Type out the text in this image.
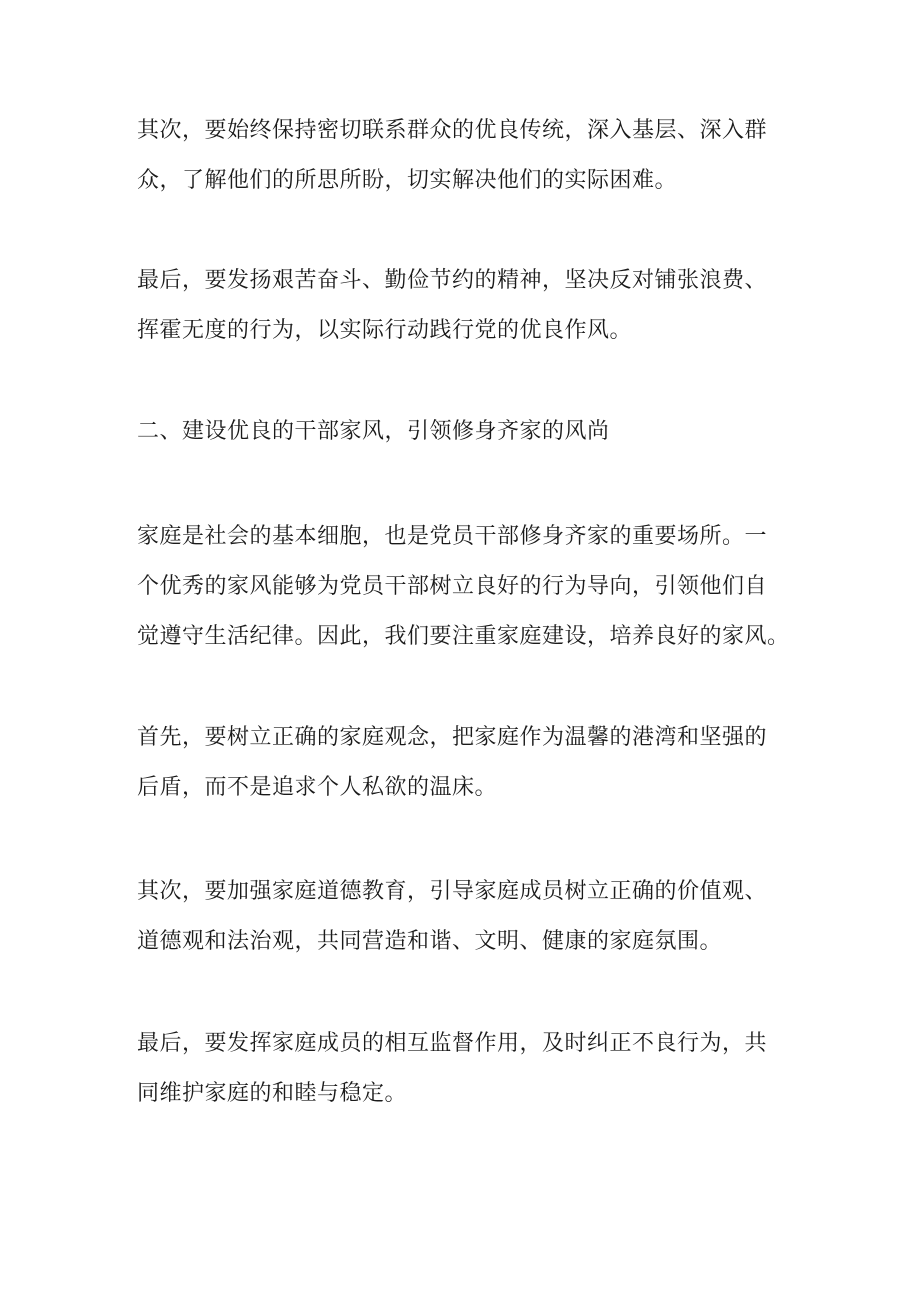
其次，要始终保持密切联系群众的优良传统，深入基层、深入群
众，了解他们的所思所盼，切实解决他们的实际困难。

最后，要发扬艰苦奋斗、勤俭节约的精神，坚决反对铺张浪费、
挥霍无度的行为，以实际行动践行党的优良作风。

二、建设优良的干部家风，引领修身齐家的风尚

家庭是社会的基本细胞，也是党员干部修身齐家的重要场所。一
个优秀的家风能够为党员干部树立良好的行为导向，引领他们自
觉遵守生活纪律。因此，我们要注重家庭建设，培养良好的家风。

首先，要树立正确的家庭观念，把家庭作为温馨的港湾和坚强的
后盾，而不是追求个人私欲的温床。

其次，要加强家庭道德教育，引导家庭成员树立正确的价值观、
道德观和法治观，共同营造和谐、文明、健康的家庭氛围。

最后，要发挥家庭成员的相互监督作用，及时纠正不良行为，共
同维护家庭的和睦与稳定。
